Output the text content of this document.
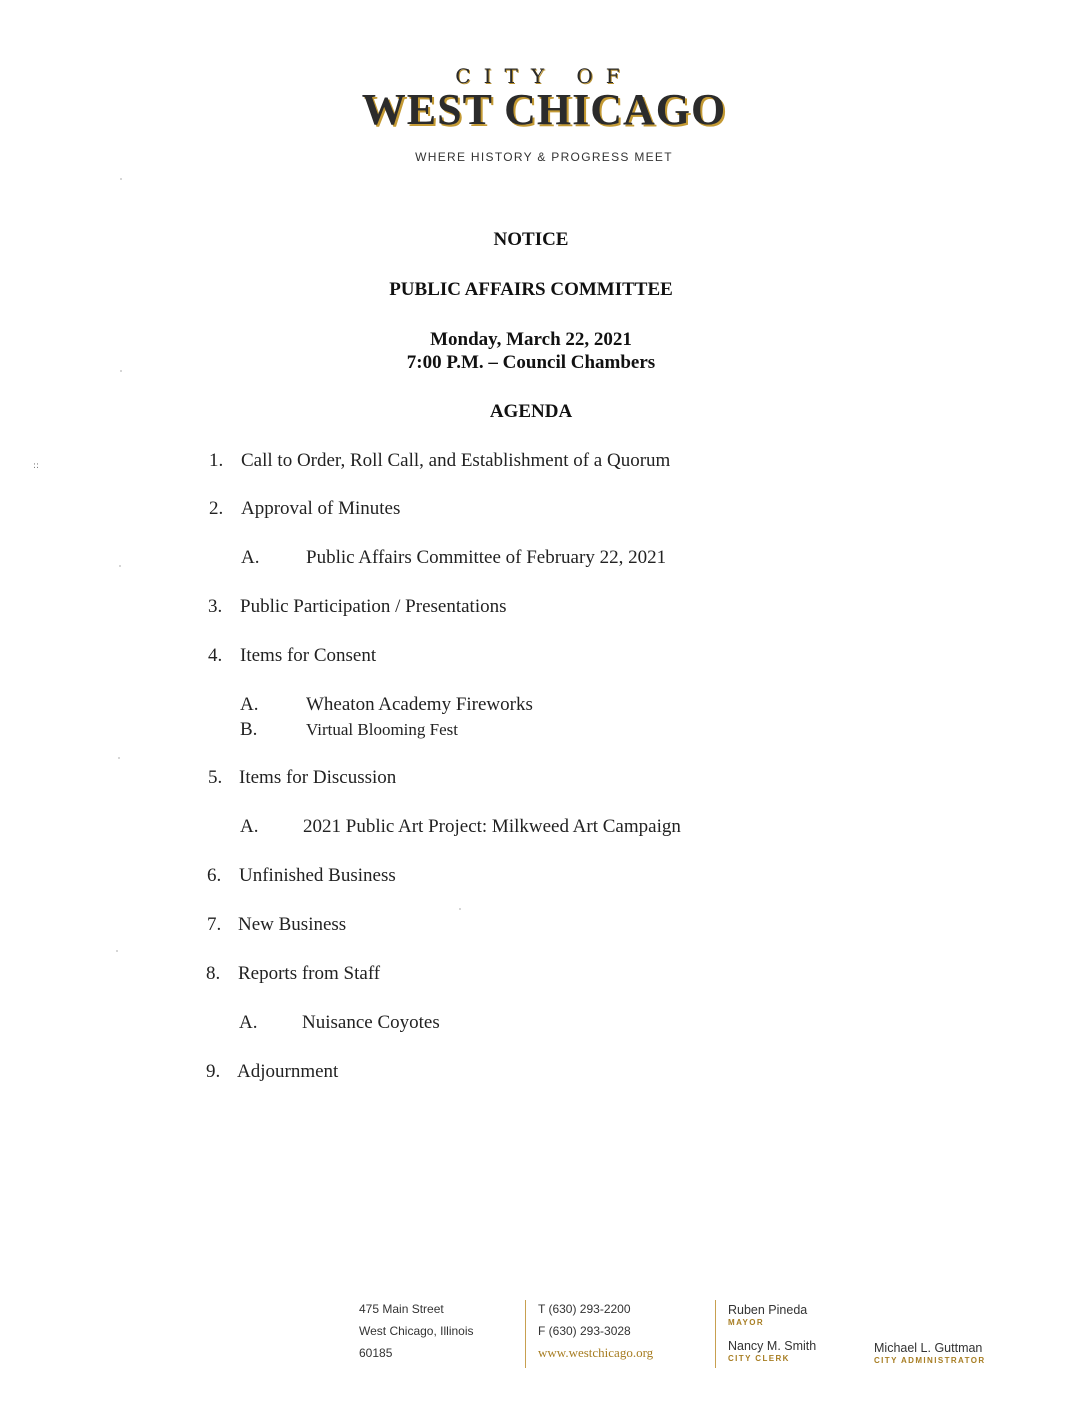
CITY OF
WEST CHICAGO
WHERE HISTORY & PROGRESS MEET
NOTICE
PUBLIC AFFAIRS COMMITTEE
Monday, March 22, 2021
7:00 P.M. – Council Chambers
AGENDA
1. Call to Order, Roll Call, and Establishment of a Quorum
2. Approval of Minutes
A. Public Affairs Committee of February 22, 2021
3. Public Participation / Presentations
4. Items for Consent
A.	Wheaton Academy Fireworks
B.	Virtual Blooming Fest
5. Items for Discussion
A. 2021 Public Art Project: Milkweed Art Campaign
6. Unfinished Business
7. New Business
8. Reports from Staff
A. Nuisance Coyotes
9. Adjournment
::
475 Main Street
West Chicago, Illinois
60185
T (630) 293-2200
F (630) 293-3028
www.westchicago.org
Ruben Pineda
MAYOR
Nancy M. Smith
CITY CLERK
Michael L. Guttman
CITY ADMINISTRATOR
